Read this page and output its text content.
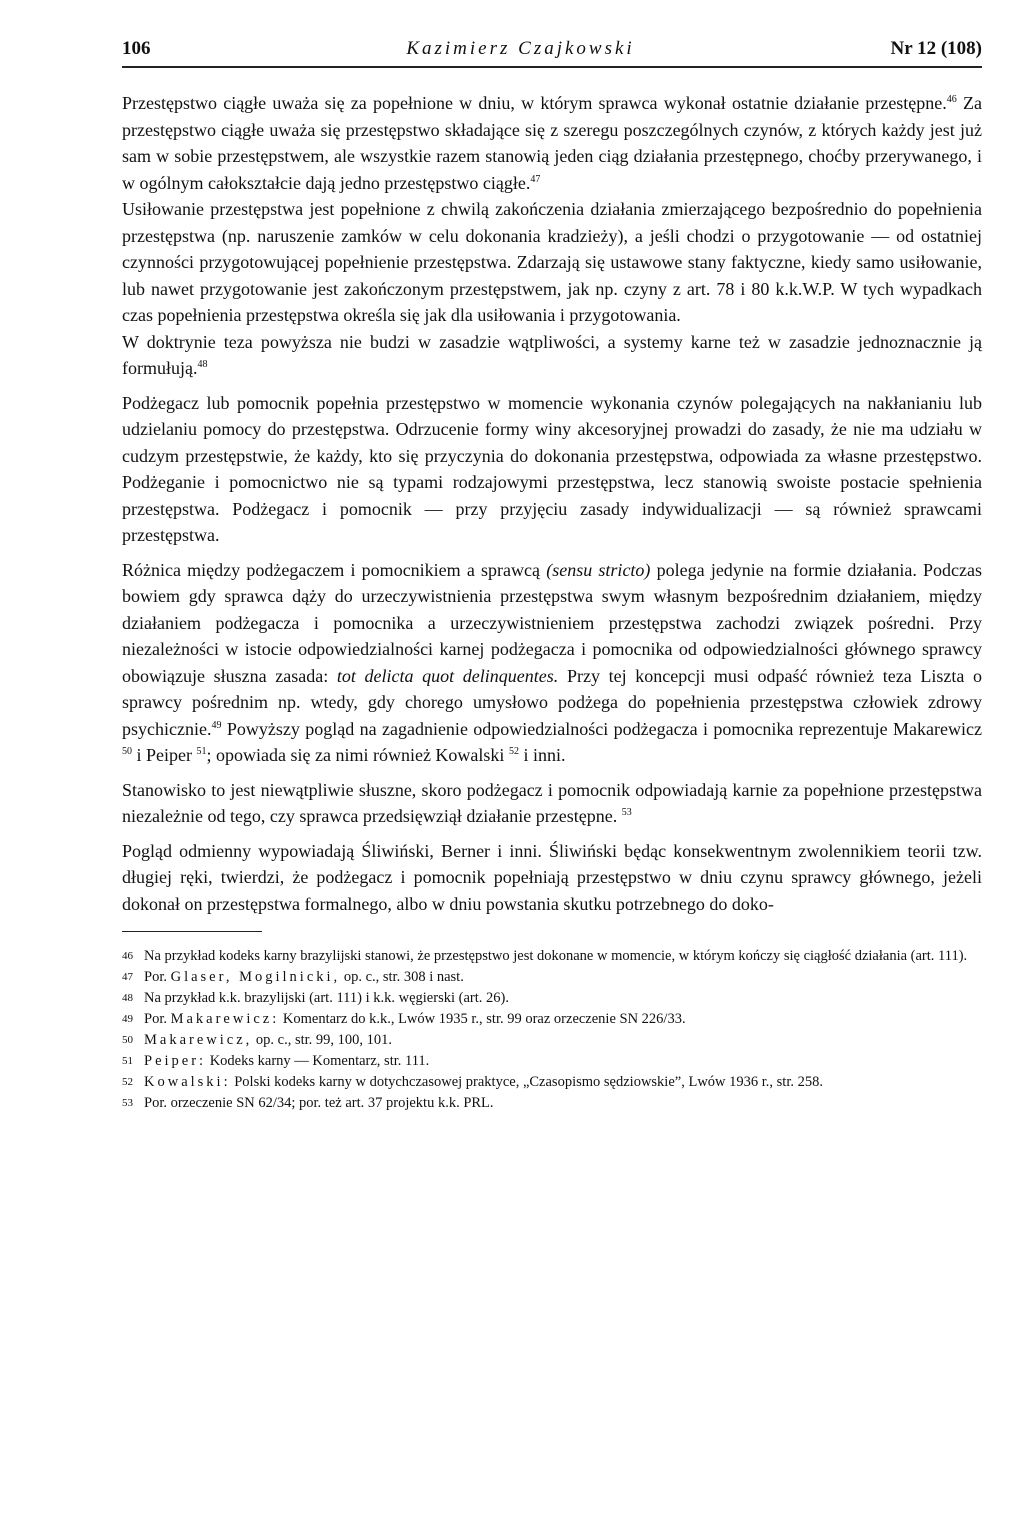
106	Kazimierz Czajkowski	Nr 12 (108)

Przestępstwo ciągłe uważa się za popełnione w dniu, w którym sprawca wykonał ostatnie działanie przestępne.$^{46}$ Za przestępstwo ciągłe uważa się przestępstwo składające się z szeregu poszczególnych czynów, z których każdy jest już sam w sobie przestępstwem, ale wszystkie razem stanowią jeden ciąg działania przestępnego, choćby przerywanego, i w ogólnym całokształcie dają jedno przestępstwo ciągłe.$^{47}$

Usiłowanie przestępstwa jest popełnione z chwilą zakończenia działania zmierzającego bezpośrednio do popełnienia przestępstwa (np. naruszenie zamków w celu dokonania kradzieży), a jeśli chodzi o przygotowanie — od ostatniej czynności przygotowującej popełnienie przestępstwa. Zdarzają się ustawowe stany faktyczne, kiedy samo usiłowanie, lub nawet przygotowanie jest zakończonym przestępstwem, jak np. czyny z art. 78 i 80 k.k.W.P. W tych wypadkach czas popełnienia przestępstwa określa się jak dla usiłowania i przygotowania.

W doktrynie teza powyższa nie budzi w zasadzie wątpliwości, a systemy karne też w zasadzie jednoznacznie ją formułują.$^{48}$

Podżegacz lub pomocnik popełnia przestępstwo w momencie wykonania czynów polegających na nakłanianiu lub udzielaniu pomocy do przestępstwa. Odrzucenie formy winy akcesoryjnej prowadzi do zasady, że nie ma udziału w cudzym przestępstwie, że każdy, kto się przyczynia do dokonania przestępstwa, odpowiada za własne przestępstwo. Podżeganie i pomocnictwo nie są typami rodzajowymi przestępstwa, lecz stanowią swoiste postacie spełnienia przestępstwa. Podżegacz i pomocnik — przy przyjęciu zasady indywidualizacji — są również sprawcami przestępstwa.

Różnica między podżegaczem i pomocnikiem a sprawcą (sensu stricto) polega jedynie na formie działania. Podczas bowiem gdy sprawca dąży do urzeczywistnienia przestępstwa swym własnym bezpośrednim działaniem, między działaniem podżegacza i pomocnika a urzeczywistnieniem przestępstwa zachodzi związek pośredni. Przy niezależności w istocie odpowiedzialności karnej podżegacza i pomocnika od odpowiedzialności głównego sprawcy obowiązuje słuszna zasada: tot delicta quot delinquentes. Przy tej koncepcji musi odpaść również teza Liszta o sprawcy pośrednim np. wtedy, gdy chorego umysłowo podżega do popełnienia przestępstwa człowiek zdrowy psychicznie.$^{49}$ Powyższy pogląd na zagadnienie odpowiedzialności podżegacza i pomocnika reprezentuje Makarewicz $^{50}$ i Peiper $^{51}$; opowiada się za nimi również Kowalski $^{52}$ i inni.

Stanowisko to jest niewątpliwie słuszne, skoro podżegacz i pomocnik odpowiadają karnie za popełnione przestępstwa niezależnie od tego, czy sprawca przedsięwziął działanie przestępne. $^{53}$

Pogląd odmienny wypowiadają Śliwiński, Berner i inni. Śliwiński będąc konsekwentnym zwolennikiem teorii tzw. długiej ręki, twierdzi, że podżegacz i pomocnik popełniają przestępstwo w dniu czynu sprawcy głównego, jeżeli dokonał on przestępstwa formalnego, albo w dniu powstania skutku potrzebnego do doko-

46 Na przykład kodeks karny brazylijski stanowi, że przestępstwo jest dokonane w momencie, w którym kończy się ciągłość działania (art. 111).
47 Por. Glaser, Mogilnicki, op. c., str. 308 i nast.
48 Na przykład k.k. brazylijski (art. 111) i k.k. węgierski (art. 26).
49 Por. Makarewicz: Komentarz do k.k., Lwów 1935 r., str. 99 oraz orzeczenie SN 226/33.
50 Makarewicz, op. c., str. 99, 100, 101.
51 Peiper: Kodeks karny — Komentarz, str. 111.
52 Kowalski: Polski kodeks karny w dotychczasowej praktyce, „Czasopismo sędziowskie”, Lwów 1936 r., str. 258.
53 Por. orzeczenie SN 62/34; por. też art. 37 projektu k.k. PRL.
